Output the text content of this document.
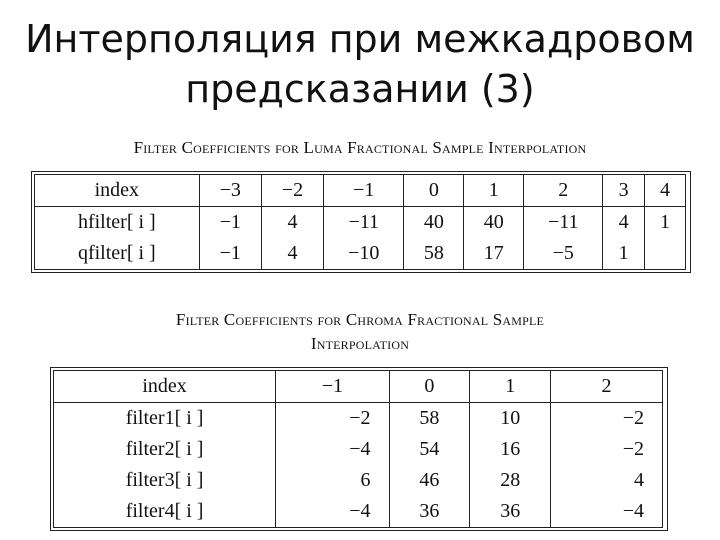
Интерполяция при межкадровом предсказании (3)
Filter Coefficients for Luma Fractional Sample Interpolation
index	−3	−2	−1	0	1	2	3	4
hfilter[ i ]	−1	4	−11	40	40	−11	4	1
qfilter[ i ]	−1	4	−10	58	17	−5	1	
Filter Coefficients for Chroma Fractional Sample
Interpolation
index	−1	0	1	2
filter1[ i ]	−2	58	10	−2
filter2[ i ]	−4	54	16	−2
filter3[ i ]	6	46	28	4
filter4[ i ]	−4	36	36	−4
